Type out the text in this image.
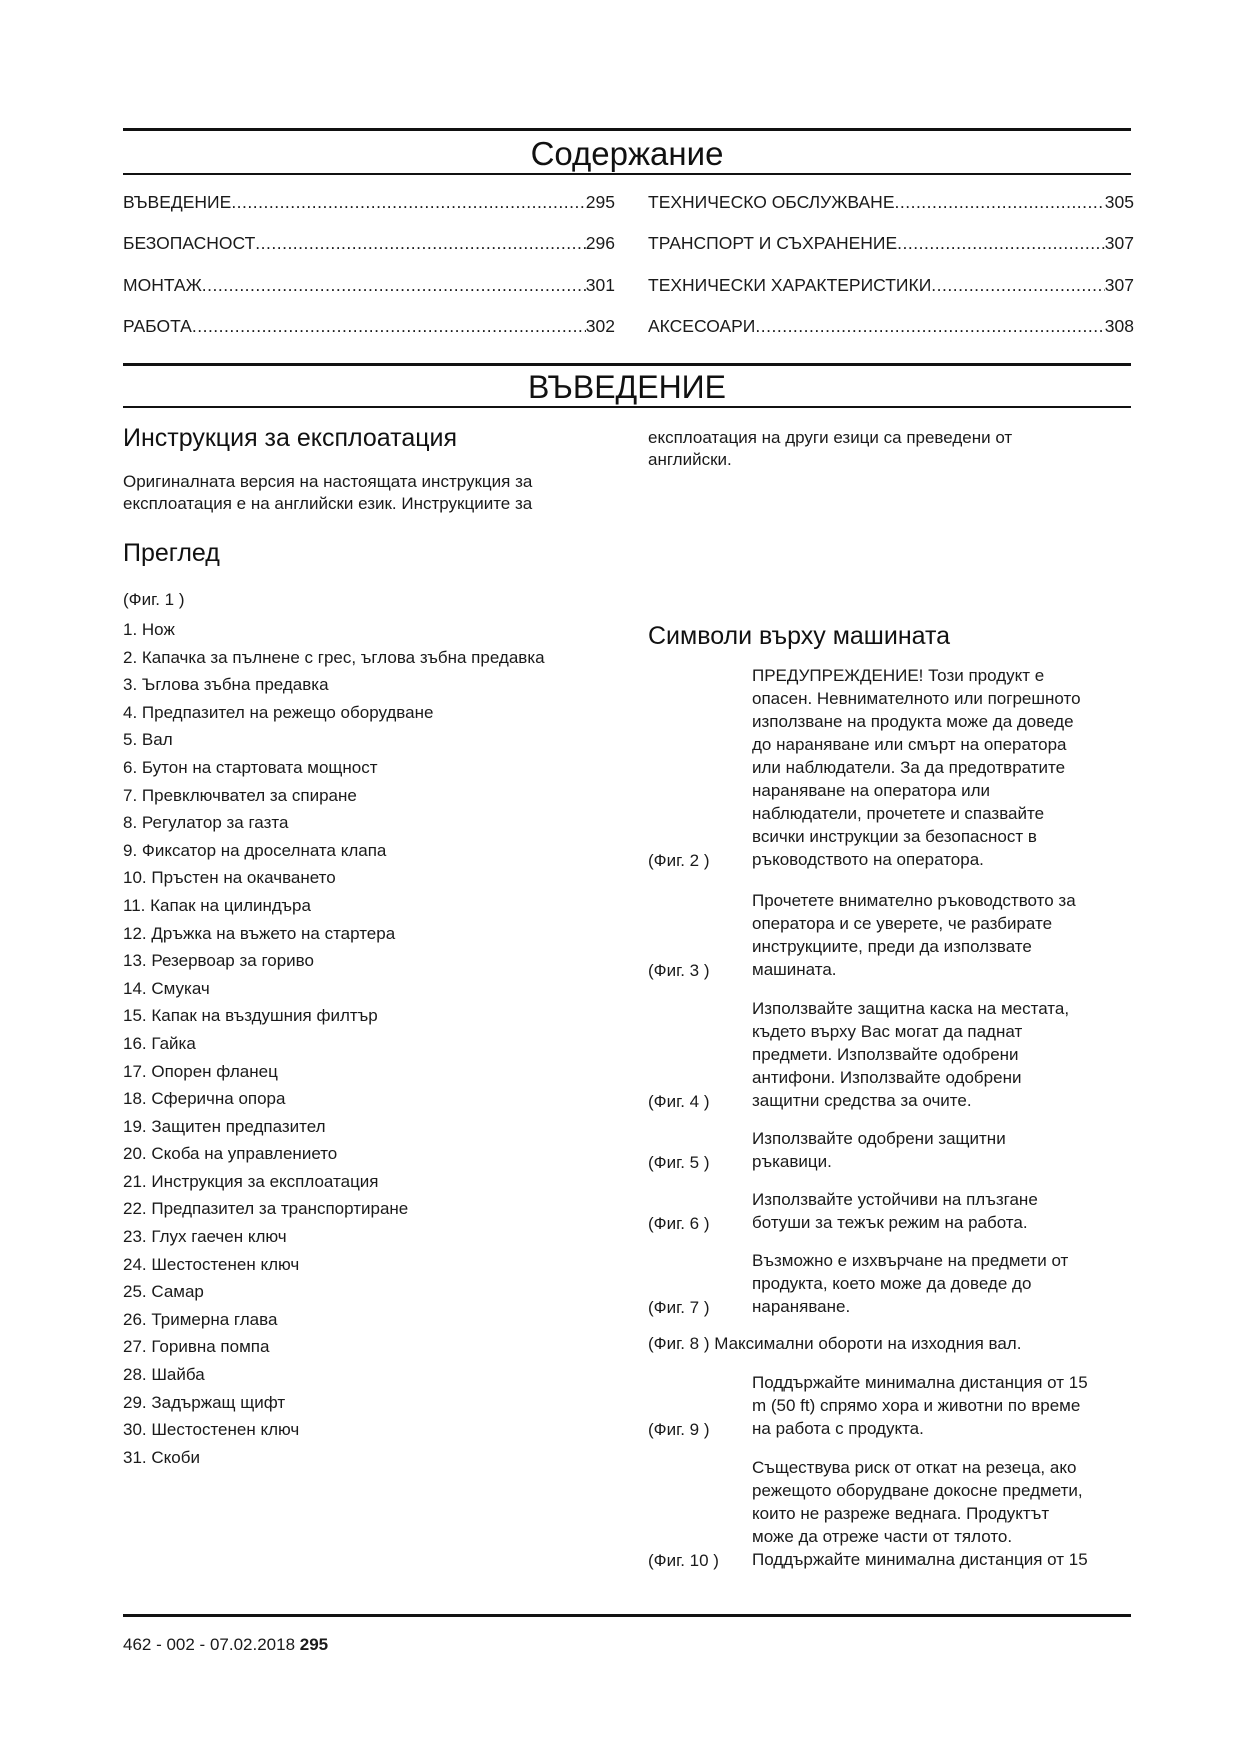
Содержание
ВЪВЕДЕНИЕ .....	295
БЕЗОПАСНОСТ .....	296
МОНТАЖ .....	301
РАБОТА .....	302
ТЕХНИЧЕСКО ОБСЛУЖВАНЕ .....	305
ТРАНСПОРТ И СЪХРАНЕНИЕ .....	307
ТЕХНИЧЕСКИ ХАРАКТЕРИСТИКИ .....	307
АКСЕСОАРИ .....	308
ВЪВЕДЕНИЕ
Инструкция за експлоатация
Оригиналната версия на настоящата инструкция за
експлоатация е на английски език. Инструкциите за
експлоатация на други езици са преведени от
английски.
Преглед
(Фиг. 1 )
1. Нож
2. Капачка за пълнене с грес, ъглова зъбна предавка
3. Ъглова зъбна предавка
4. Предпазител на режещо оборудване
5. Вал
6. Бутон на стартовата мощност
7. Превключвател за спиране
8. Регулатор за газта
9. Фиксатор на дроселната клапа
10. Пръстен на окачването
11. Капак на цилиндъра
12. Дръжка на въжето на стартера
13. Резервоар за гориво
14. Смукач
15. Капак на въздушния филтър
16. Гайка
17. Опорен фланец
18. Сферична опора
19. Защитен предпазител
20. Скоба на управлението
21. Инструкция за експлоатация
22. Предпазител за транспортиране
23. Глух гаечен ключ
24. Шестостенен ключ
25. Самар
26. Тримерна глава
27. Горивна помпа
28. Шайба
29. Задържащ щифт
30. Шестостенен ключ
31. Скоби
Символи върху машината
(Фиг. 2 )
ПРЕДУПРЕЖДЕНИЕ! Този продукт е
опасен. Невнимателното или погрешното
използване на продукта може да доведе
до нараняване или смърт на оператора
или наблюдатели. За да предотвратите
нараняване на оператора или
наблюдатели, прочетете и спазвайте
всички инструкции за безопасност в
ръководството на оператора.
(Фиг. 3 )
Прочетете внимателно ръководството за
оператора и се уверете, че разбирате
инструкциите, преди да използвате
машината.
(Фиг. 4 )
Използвайте защитна каска на местата,
където върху Вас могат да паднат
предмети. Използвайте одобрени
антифони. Използвайте одобрени
защитни средства за очите.
(Фиг. 5 )
Използвайте одобрени защитни
ръкавици.
(Фиг. 6 )
Използвайте устойчиви на плъзгане
ботуши за тежък режим на работа.
(Фиг. 7 )
Възможно е изхвърчане на предмети от
продукта, което може да доведе до
нараняване.
(Фиг. 8 ) Максимални обороти на изходния вал.
(Фиг. 9 )
Поддържайте минимална дистанция от 15
m (50 ft) спрямо хора и животни по време
на работа с продукта.
(Фиг. 10 )
Съществува риск от откат на резеца, ако
режещото оборудване докосне предмети,
които не разреже веднага. Продуктът
може да отреже части от тялото.
Поддържайте минимална дистанция от 15
462 - 002 - 07.02.2018 295
